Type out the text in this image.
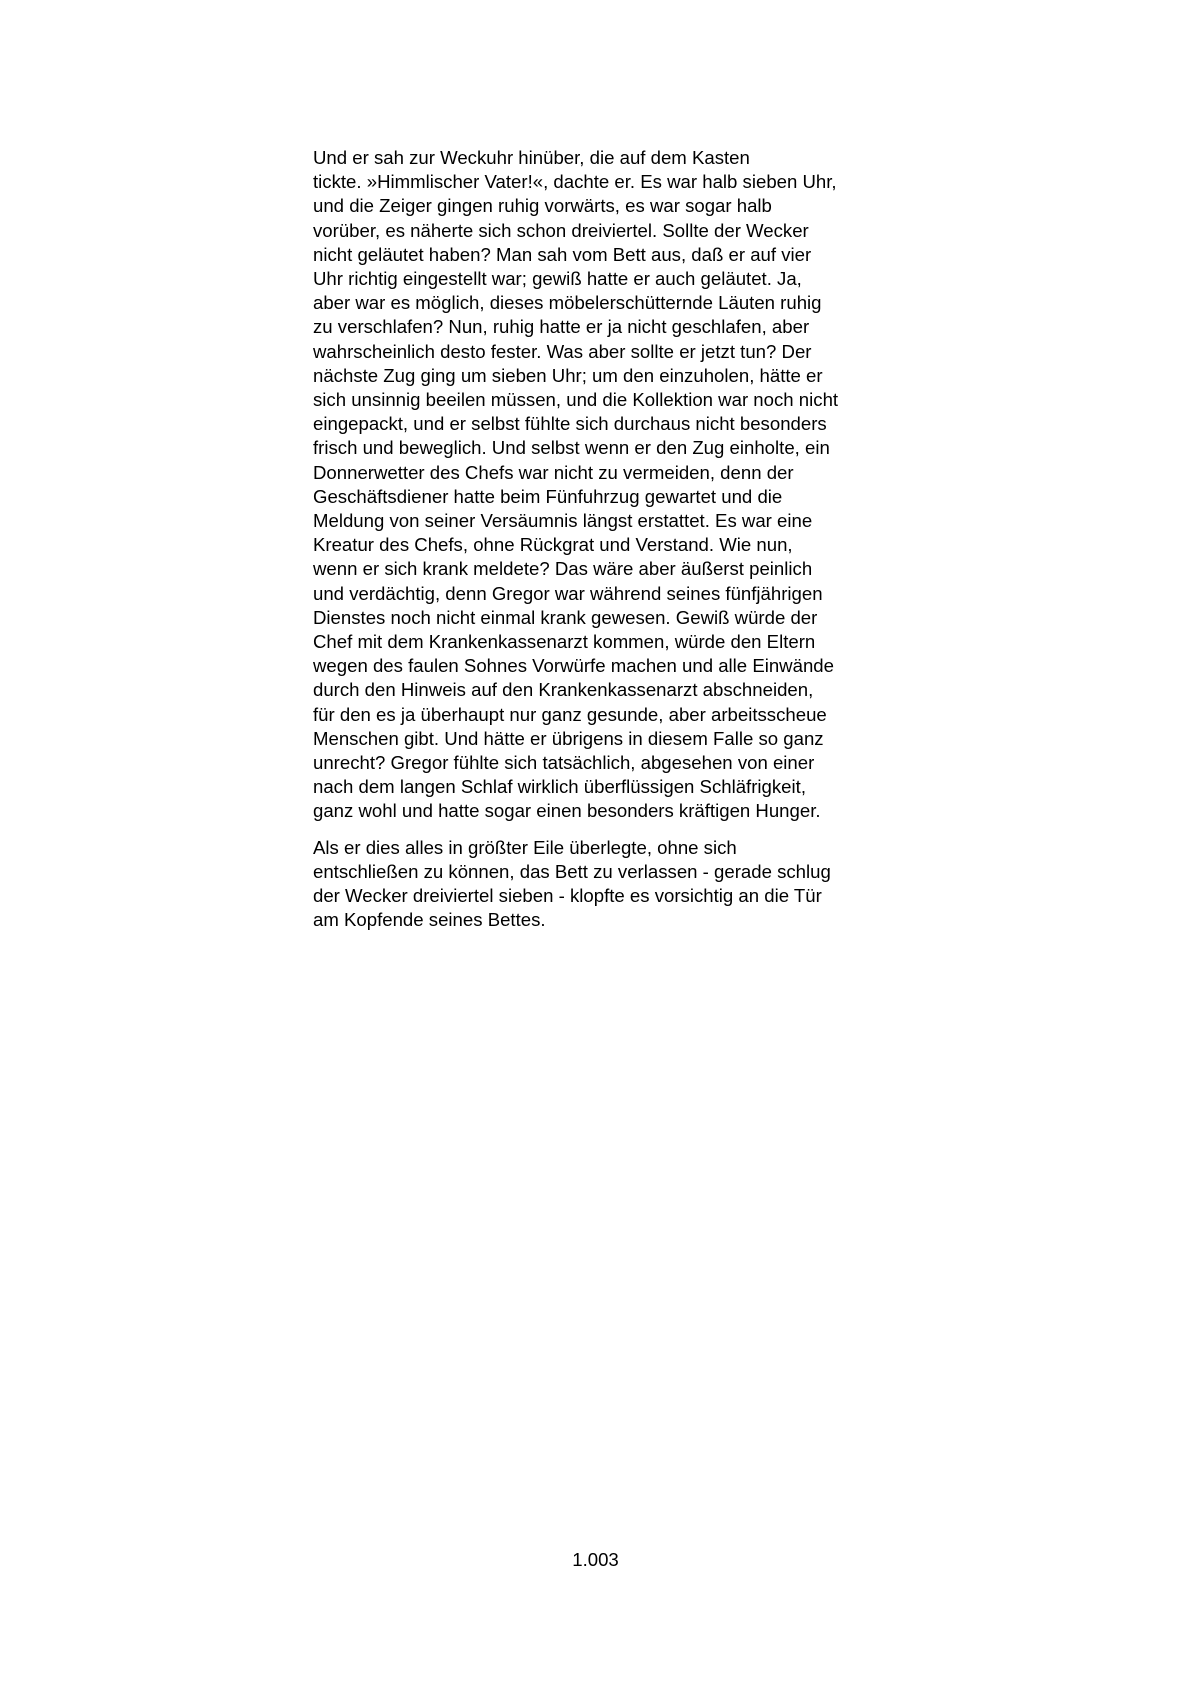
Und er sah zur Weckuhr hinüber, die auf dem Kasten
tickte. »Himmlischer Vater!«, dachte er. Es war halb sieben Uhr,
und die Zeiger gingen ruhig vorwärts, es war sogar halb
vorüber, es näherte sich schon dreiviertel. Sollte der Wecker
nicht geläutet haben? Man sah vom Bett aus, daß er auf vier
Uhr richtig eingestellt war; gewiß hatte er auch geläutet. Ja,
aber war es möglich, dieses möbelerschütternde Läuten ruhig
zu verschlafen? Nun, ruhig hatte er ja nicht geschlafen, aber
wahrscheinlich desto fester. Was aber sollte er jetzt tun? Der
nächste Zug ging um sieben Uhr; um den einzuholen, hätte er
sich unsinnig beeilen müssen, und die Kollektion war noch nicht
eingepackt, und er selbst fühlte sich durchaus nicht besonders
frisch und beweglich. Und selbst wenn er den Zug einholte, ein
Donnerwetter des Chefs war nicht zu vermeiden, denn der
Geschäftsdiener hatte beim Fünfuhrzug gewartet und die
Meldung von seiner Versäumnis längst erstattet. Es war eine
Kreatur des Chefs, ohne Rückgrat und Verstand. Wie nun,
wenn er sich krank meldete? Das wäre aber äußerst peinlich
und verdächtig, denn Gregor war während seines fünfjährigen
Dienstes noch nicht einmal krank gewesen. Gewiß würde der
Chef mit dem Krankenkassenarzt kommen, würde den Eltern
wegen des faulen Sohnes Vorwürfe machen und alle Einwände
durch den Hinweis auf den Krankenkassenarzt abschneiden,
für den es ja überhaupt nur ganz gesunde, aber arbeitsscheue
Menschen gibt. Und hätte er übrigens in diesem Falle so ganz
unrecht? Gregor fühlte sich tatsächlich, abgesehen von einer
nach dem langen Schlaf wirklich überflüssigen Schläfrigkeit,
ganz wohl und hatte sogar einen besonders kräftigen Hunger.
Als er dies alles in größter Eile überlegte, ohne sich
entschließen zu können, das Bett zu verlassen - gerade schlug
der Wecker dreiviertel sieben - klopfte es vorsichtig an die Tür
am Kopfende seines Bettes.
1.003
